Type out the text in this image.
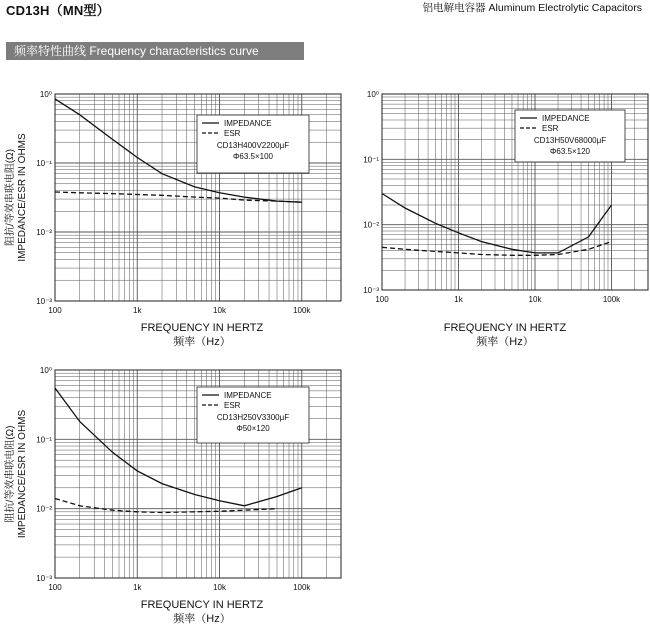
CD13H（MN型）	铝电解电容器 Aluminum Electrolytic Capacitors
频率特性曲线 Frequency characteristics curve
100	1k	10k	100k
10⁰
10⁻¹
10⁻²
10⁻³
FREQUENCY IN HERTZ
频率（Hz）
阻抗/等效串联电阻(Ω) IMPEDANCE/ESR IN OHMS
IMPEDANCE
ESR
CD13H400V2200μF
Φ63.5×100
100	1k	10k	100k
10⁰
10⁻¹
10⁻²
10⁻³
FREQUENCY IN HERTZ
频率（Hz）
IMPEDANCE
ESR
CD13H50V68000μF
Φ63.5×120
100	1k	10k	100k
10⁰
10⁻¹
10⁻²
10⁻³
FREQUENCY IN HERTZ
频率（Hz）
阻抗/等效串联电阻(Ω) IMPEDANCE/ESR IN OHMS
IMPEDANCE
ESR
CD13H250V3300μF
Φ50×120
